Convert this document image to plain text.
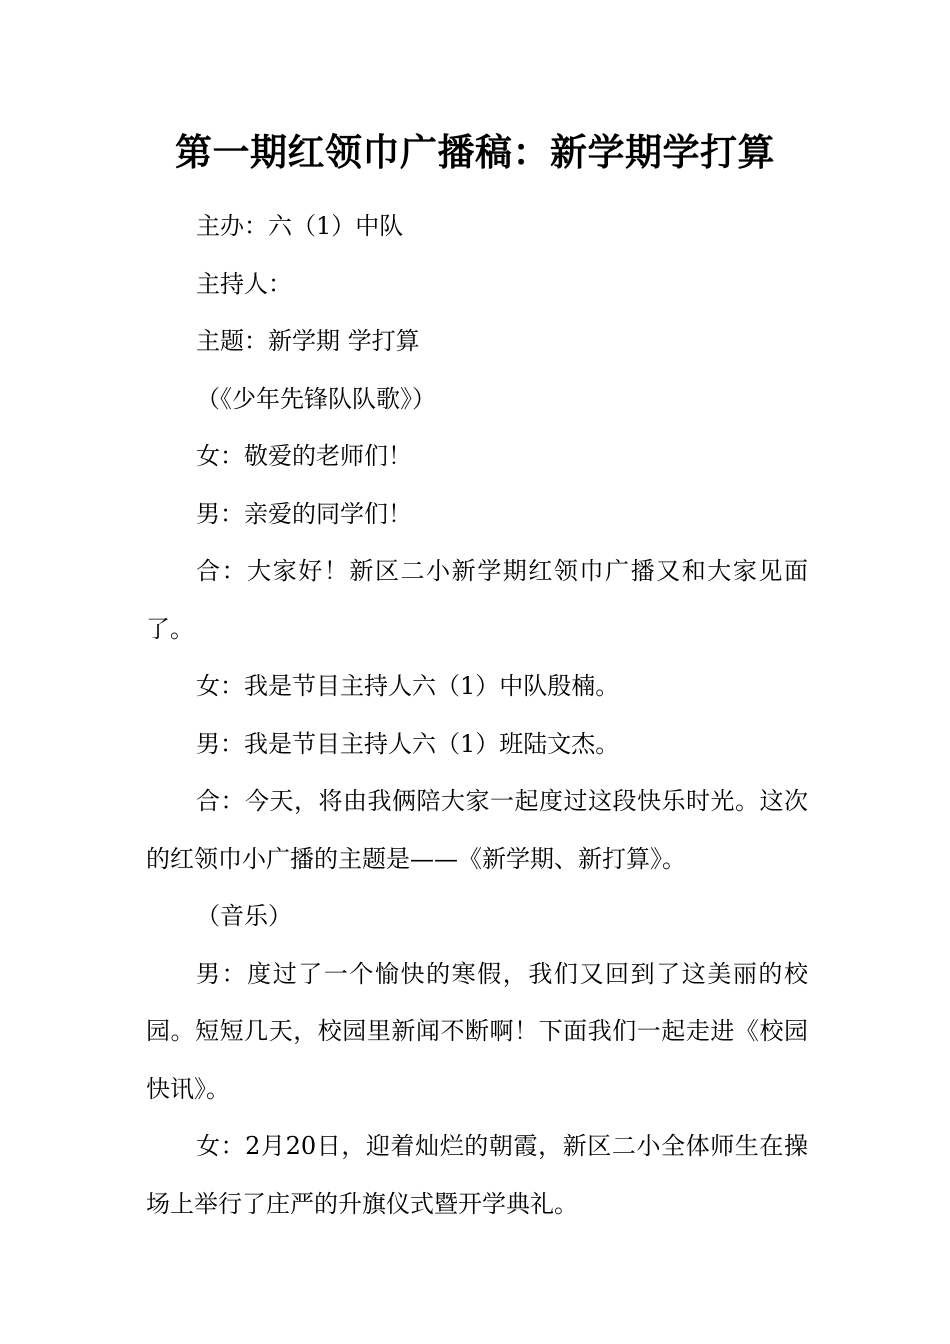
第一期红领巾广播稿：新学期学打算

主办：六（1）中队

主持人：

主题：新学期 学打算

（《少年先锋队队歌》）

女：敬爱的老师们！

男：亲爱的同学们！

合：大家好！新区二小新学期红领巾广播又和大家见面了。

女：我是节目主持人六（1）中队殷楠。

男：我是节目主持人六（1）班陆文杰。

合：今天，将由我俩陪大家一起度过这段快乐时光。这次的红领巾小广播的主题是——《新学期、新打算》。

（音乐）

男：度过了一个愉快的寒假，我们又回到了这美丽的校园。短短几天，校园里新闻不断啊！下面我们一起走进《校园快讯》。

女：2月20日，迎着灿烂的朝霞，新区二小全体师生在操场上举行了庄严的升旗仪式暨开学典礼。
